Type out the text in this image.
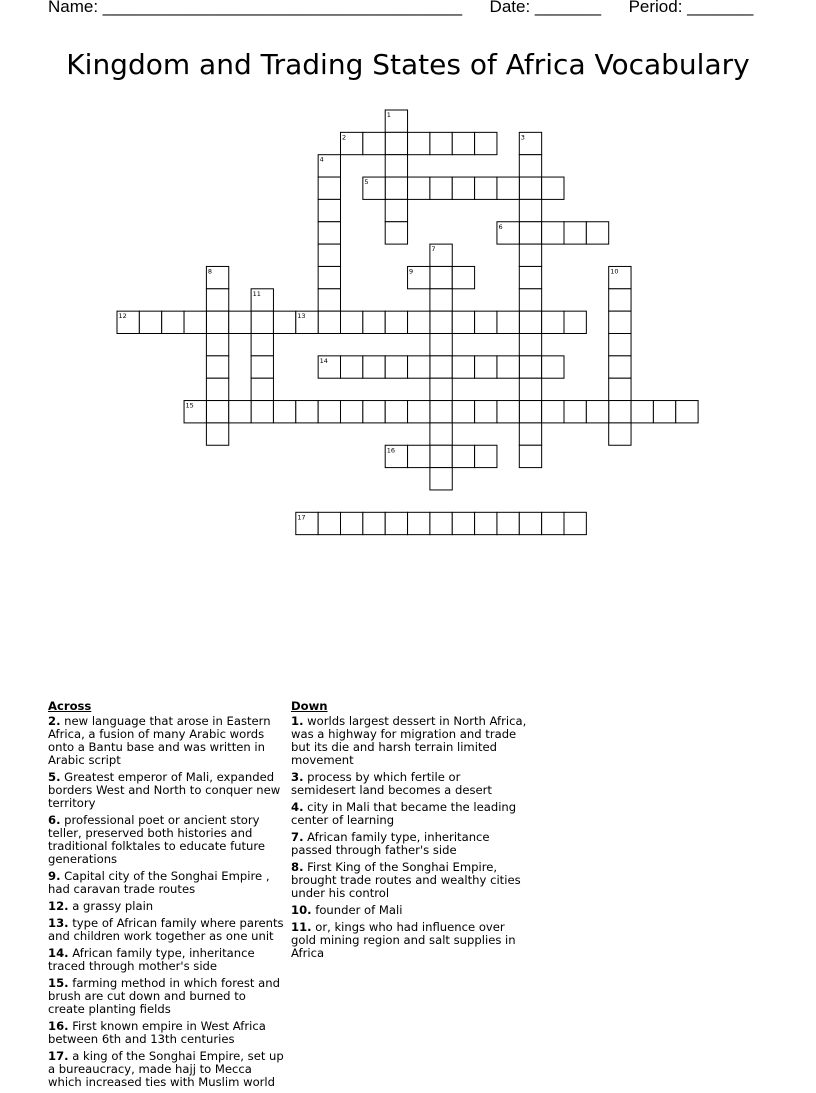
Name: ______________________________________ Date: _______ Period: _______
Kingdom and Trading States of Africa Vocabulary
1
2	3
4
5
6
7
8	9	10
11
12	13
14
15
16
17
Across
2. new language that arose in Eastern Africa, a fusion of many Arabic words onto a Bantu base and was written in Arabic script
5. Greatest emperor of Mali, expanded borders West and North to conquer new territory
6. professional poet or ancient story teller, preserved both histories and traditional folktales to educate future generations
9. Capital city of the Songhai Empire , had caravan trade routes
12. a grassy plain
13. type of African family where parents and children work together as one unit
14. African family type, inheritance traced through mother's side
15. farming method in which forest and brush are cut down and burned to create planting fields
16. First known empire in West Africa between 6th and 13th centuries
17. a king of the Songhai Empire, set up a bureaucracy, made hajj to Mecca which increased ties with Muslim world
Down
1. worlds largest dessert in North Africa, was a highway for migration and trade but its die and harsh terrain limited movement
3. process by which fertile or semidesert land becomes a desert
4. city in Mali that became the leading center of learning
7. African family type, inheritance passed through father's side
8. First King of the Songhai Empire, brought trade routes and wealthy cities under his control
10. founder of Mali
11. or, kings who had influence over gold mining region and salt supplies in Africa
